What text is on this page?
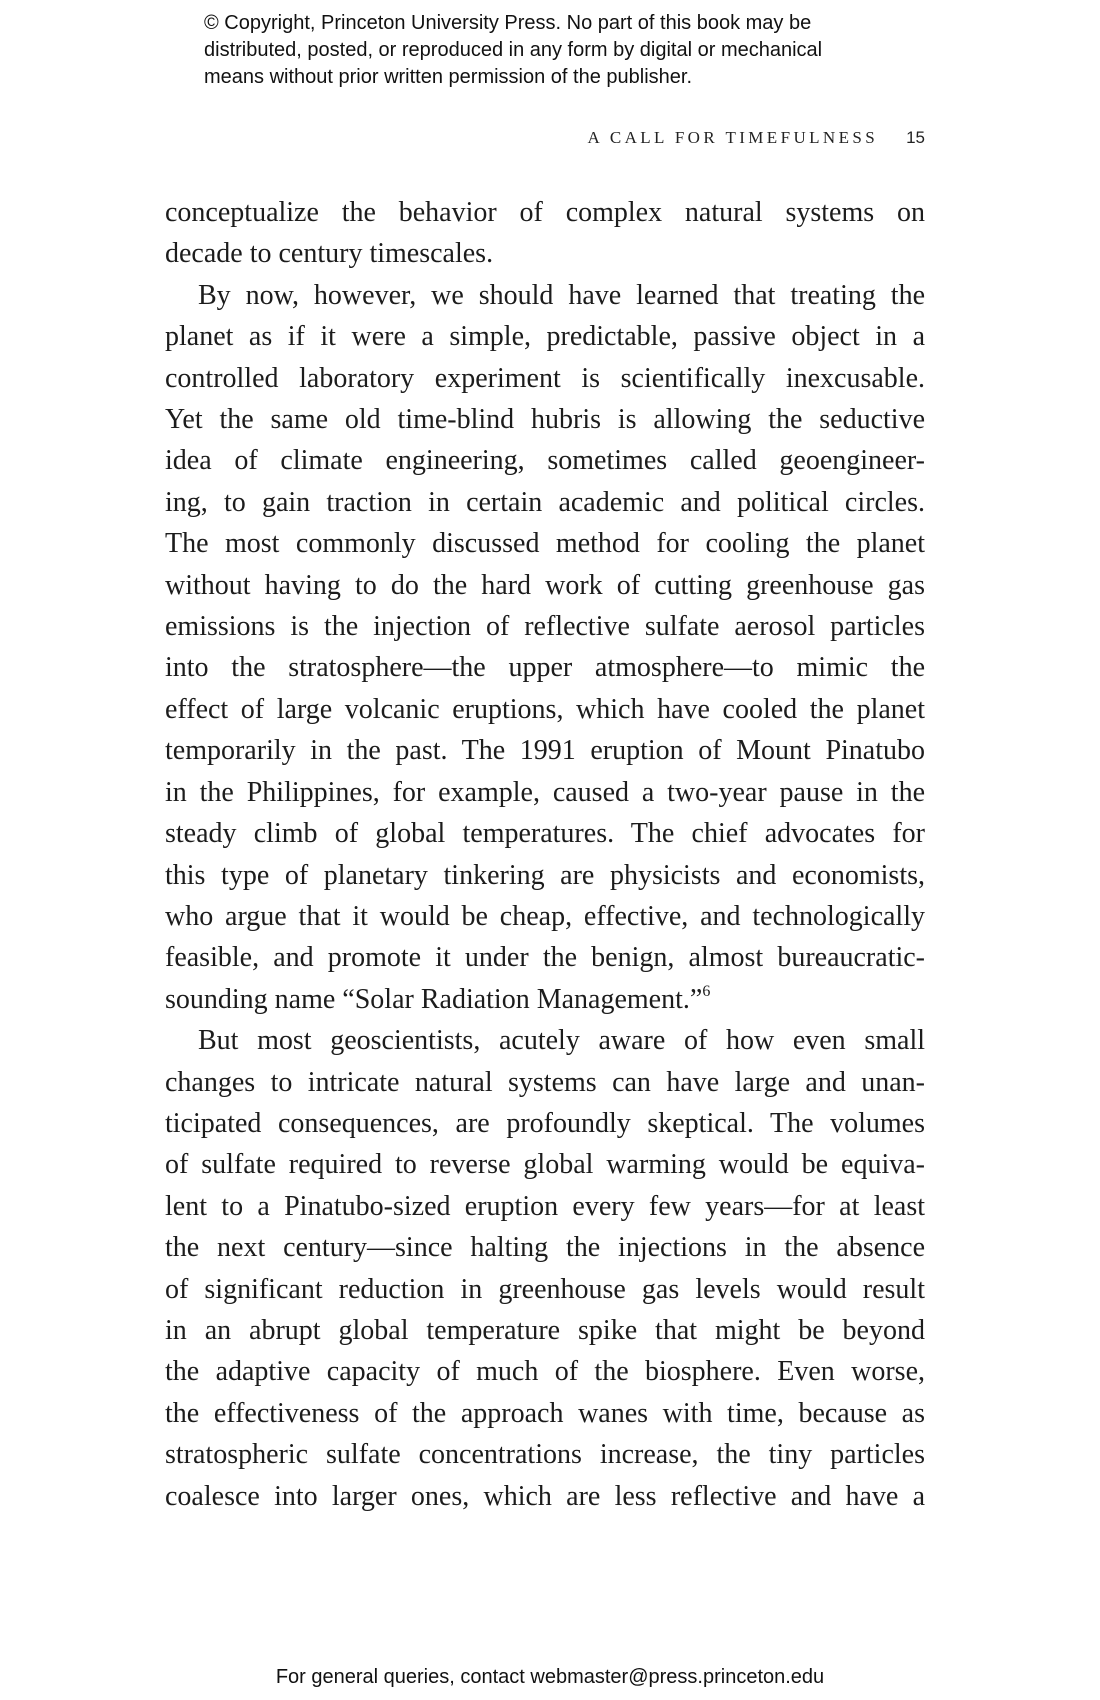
© Copyright, Princeton University Press. No part of this book may be
distributed, posted, or reproduced in any form by digital or mechanical
means without prior written permission of the publisher.
A CALL FOR TIMEFULNESS 15
conceptualize the behavior of complex natural systems on
decade to century timescales.
By now, however, we should have learned that treating the
planet as if it were a simple, predictable, passive object in a
controlled laboratory experiment is scientifically inexcusable.
Yet the same old time-blind hubris is allowing the seductive
idea of climate engineering, sometimes called geoengineer-
ing, to gain traction in certain academic and political circles.
The most commonly discussed method for cooling the planet
without having to do the hard work of cutting greenhouse gas
emissions is the injection of reflective sulfate aerosol particles
into the stratosphere—the upper atmosphere—to mimic the
effect of large volcanic eruptions, which have cooled the planet
temporarily in the past. The 1991 eruption of Mount Pinatubo
in the Philippines, for example, caused a two-year pause in the
steady climb of global temperatures. The chief advocates for
this type of planetary tinkering are physicists and economists,
who argue that it would be cheap, effective, and technologically
feasible, and promote it under the benign, almost bureaucratic-
sounding name “Solar Radiation Management.”$^6$
But most geoscientists, acutely aware of how even small
changes to intricate natural systems can have large and unan-
ticipated consequences, are profoundly skeptical. The volumes
of sulfate required to reverse global warming would be equiva-
lent to a Pinatubo-sized eruption every few years—for at least
the next century—since halting the injections in the absence
of significant reduction in greenhouse gas levels would result
in an abrupt global temperature spike that might be beyond
the adaptive capacity of much of the biosphere. Even worse,
the effectiveness of the approach wanes with time, because as
stratospheric sulfate concentrations increase, the tiny particles
coalesce into larger ones, which are less reflective and have a
For general queries, contact webmaster@press.princeton.edu
